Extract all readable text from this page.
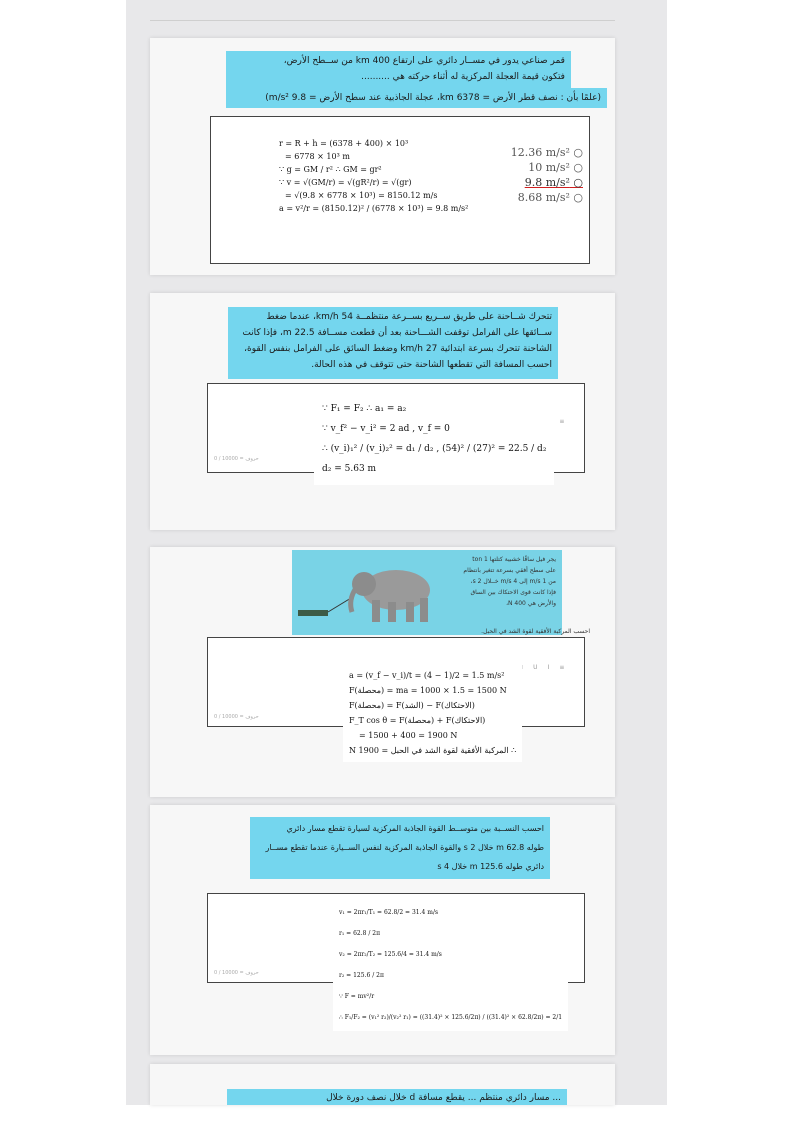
قمر صناعي يدور في مســار دائري على ارتفاع 400 km من ســطح الأرض،
فتكون قيمة العجلة المركزية له أثناء حركته هي ..........
(علمًا بأن : نصف قطر الأرض = 6378 km، عجلة الجاذبية عند سطح الأرض = 9.8 m/s²)
r = R + h = (6378 + 400) × 10³
= 6778 × 10³ m
∵ g = GM / r² ∴ GM = gr²
∵ v = √(GM/r) = √(gR²/r) = √(gr)
= √(9.8 × 6778 × 10³) = 8150.12 m/s
a = v²/r = (8150.12)² / (6778 × 10³) = 9.8 m/s²
12.36 m/s² ○
10 m/s² ○
9.8 m/s² ○
8.68 m/s² ○
تتحرك شــاحنة على طريق ســريع بســرعة منتظمــة 54 km/h، عندما ضغط
ســائقها على الفرامل توقفت الشـــاحنة بعد أن قطعت مســافة 22.5 m، فإذا كانت
الشاحنة تتحرك بسرعة ابتدائية 27 km/h وضغط السائق على الفرامل بنفس القوة،
احسب المسافة التي تقطعها الشاحنة حتى تتوقف في هذه الحالة.
≡
0 / 10000 = حروف
∵ F₁ = F₂ ∴ a₁ = a₂
∵ v_f² − v_i² = 2 ad , v_f = 0
∴ (v_i)₁² / (v_i)₂² = d₁ / d₂ , (54)² / (27)² = 22.5 / d₂
d₂ = 5.63 m
يجر فيل ساقًا خشبية كتلتها 1 ton
على سطح أفقي بسرعة تتغير بانتظام
من 1 m/s إلى 4 m/s خــلال 2 s،
فإذا كانت قوى الاحتكاك بين الساق
والأرض هي 400 N،
احسب المركبة الأفقية لقوة الشد في الحبل.
U I ≡
0 / 10000 = حروف
a = (v_f − v_i)/t = (4 − 1)/2 = 1.5 m/s²
F(محصلة) = ma = 1000 × 1.5 = 1500 N
F(محصلة) = F(الشد) − F(الاحتكاك)
F_T cos θ = F(محصلة) + F(الاحتكاك)
= 1500 + 400 = 1900 N
∴ المركبة الأفقية لقوة الشد في الحبل = 1900 N
احسب النســبة بين متوســط القوة الجاذبة المركزية لسيارة تقطع مسار دائري
طوله 62.8 m خلال 2 s والقوة الجاذبة المركزية لنفس الســيارة عندما تقطع مســار
دائري طوله 125.6 m خلال 4 s
0 / 10000 = حروف
v₁ = 2πr₁/T₁ = 62.8/2 = 31.4 m/s
r₁ = 62.8 / 2π
v₂ = 2πr₂/T₂ = 125.6/4 = 31.4 m/s
r₂ = 125.6 / 2π
∵ F = mv²/r
∴ F₁/F₂ = (v₁² r₂)/(v₂² r₁) = ((31.4)² × 125.6/2π) / ((31.4)² × 62.8/2π) = 2/1
... مسار دائري منتظم ... يقطع مسافة d خلال نصف دورة خلال
